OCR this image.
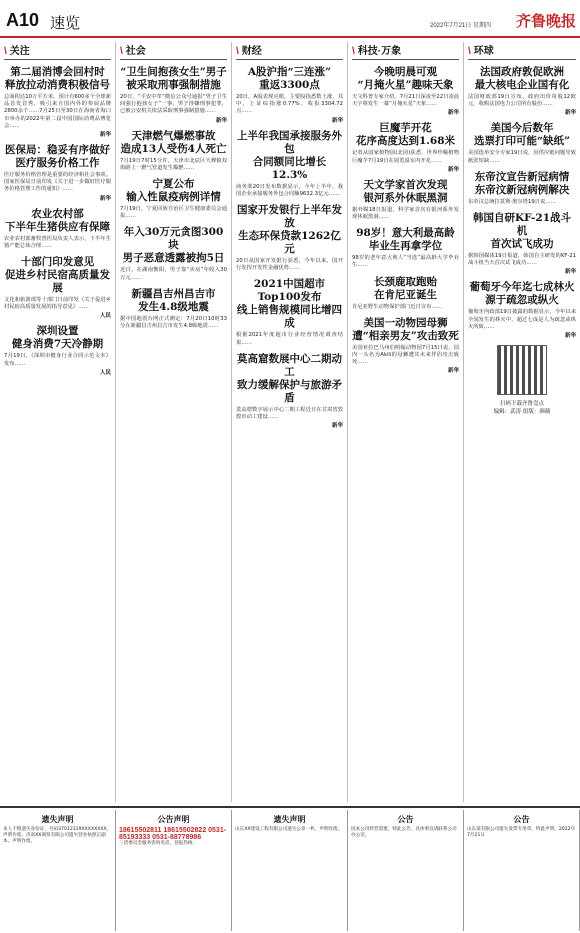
A10 速览	2022年7月21日 星期四 齐鲁晚报
\ 关注
第二届消博会回村时
释放拉动消费积极信号
总面积达10万平方米，预计有600多个全球新品首发首秀，吸引来自国内外的参展品牌2800余个……7月25日至30日在海南省海口市举办的2022年第二届中国国际消费品博览会……
新华
医保局：稳妥有序做好
医疗服务价格工作
医疗服务价格管理是重要的经济和社会事项。国家医保局日前印发《关于进一步做好医疗服务价格管理工作的通知》……
新华
农业农村部
下半年生猪供应有保障
农业农村部畜牧兽医局负责人表示，下半年生猪产能总体合理……
十部门印发意见
促进乡村民宿高质量发展
文化和旅游部等十部门日前印发《关于促进乡村民宿高质量发展的指导意见》……
人民
深圳设置
健身消费7天冷静期
7月19日，《深圳市健身行业合同示范文本》发布……
人民
\ 社会
“卫生间抱孩女生”男子
被采取刑事强制措施
20日，“平安中牟”微信公众号通报“男子卫生间强行抱孩女子”一事，男子涉嫌刑事犯罪，已被公安机关依法采取刑事强制措施……
新华
天津燃气爆燃事故
造成13人受伤4人死亡
7月19日7时15分许，天津市北辰区天穆镇双街路上一燃气管道发生爆燃……
宁夏公布
输入性鼠疫病例详情
7月19日，宁夏回族自治区卫生健康委员会通报……
年入30万元贪图300块
男子恶意透露被拘5日
近日，在湖南衡阳，男子靠“卖房”年收入30万元……
新疆昌吉州昌吉市
发生4.8级地震
据中国地震台网正式测定：7月20日10时33分在新疆昌吉州昌吉市发生4.8级地震……
\ 财经
A股沪指“三连涨”
重返3300点
20日，A股表现亮眼，主要股指悉数上涨，其中，上证综指涨0.77%，收报3304.72点……
新华
上半年我国承接服务外包
合同额同比增长12.3%
商务部20日发布数据显示，今年上半年，我国企业承接服务外包合同额9632.3亿元……
国家开发银行上半年发放
生态环保贷款1262亿元
20日从国家开发银行获悉，今年以来，国开行发挥开发性金融优势……
2021中国超市Top100发布
线上销售规模同比增四成
根据2021年度超市行业经营情况调查结果……
莫高窟数展中心二期动工
致力缓解保护与旅游矛盾
莫高窟数字展示中心二期工程近日在甘肃省敦煌市动工建设……
新华
\ 科技·万象
今晚明晨可观
“月掩火星”趣味天象
天文科普专家介绍，7月21日深夜至22日凌晨天宇将发生一幕“月掩火星”天象……
新华
巨魔芋开花
花序高度达到1.68米
记者从国家植物园(北园)获悉，世界珍稀植物巨魔芋7月19日在展览温室内开花……
新华
天文学家首次发现
银河系外休眠黑洞
据外媒18日报道，科学家首次在银河系外发现休眠黑洞……
98岁！意大利最高龄
毕业生再拿学位
98岁的老年意大利人“当选”最高龄大学毕业生……
长颈鹿取跑贻
在肯尼亚诞生
肯尼亚野生动物保护部门近日宣布……
美国一动物园母狮
遭“相亲男友”攻击致死
美国亚拉巴马州伯明翰动物园7月15日说，园内一头名为Akili的母狮遭其未来伴侣攻击致死……
新华
\ 环球
法国政府敦促欧洲
最大核电企业国有化
法国财政部19日宣布，政府出价每股12欧元，收购法国电力公司所有股份……
新华
美国今后数年
选票打印可能“缺纸”
美国选举安全专家19日说，因供应链问题导致纸张短缺……
东帝汶宣告新冠病情
东帝汶新冠病例解决
东帝汶总统拉莫斯·奥尔塔19日说……
韩国自研KF-21战斗机
首次试飞成功
据韩国媒体19日报道，韩国自主研发的KF-21战斗机当天首次试飞成功……
新华
葡萄牙今年迄七成林火
源于疏忽或纵火
葡萄牙内政部19日披露的数据显示，今年以来全国发生的林火中，超过七成是人为疏忽或纵火所致……
新华
扫码下载齐鲁壹点
编辑：武涛 组版：颜薇
遗失声明
本人不慎遗失身份证，号码37012319XXXXXXXX，声明作废。济南XX商贸有限公司遗失营业执照正副本，声明作废。
公告声明
18615502811 18615502822 0531-85193333 0531-88778986
三货委员会服务咨询电话，登报热线：
遗失声明
山东XX建设工程有限公司遗失公章一枚，声明作废。
公告
因本公司经营需要，特此公告。具体事宜请联系公司办公室。
公告
山东某有限公司遗失发票专用章，特此声明。2022年7月21日
